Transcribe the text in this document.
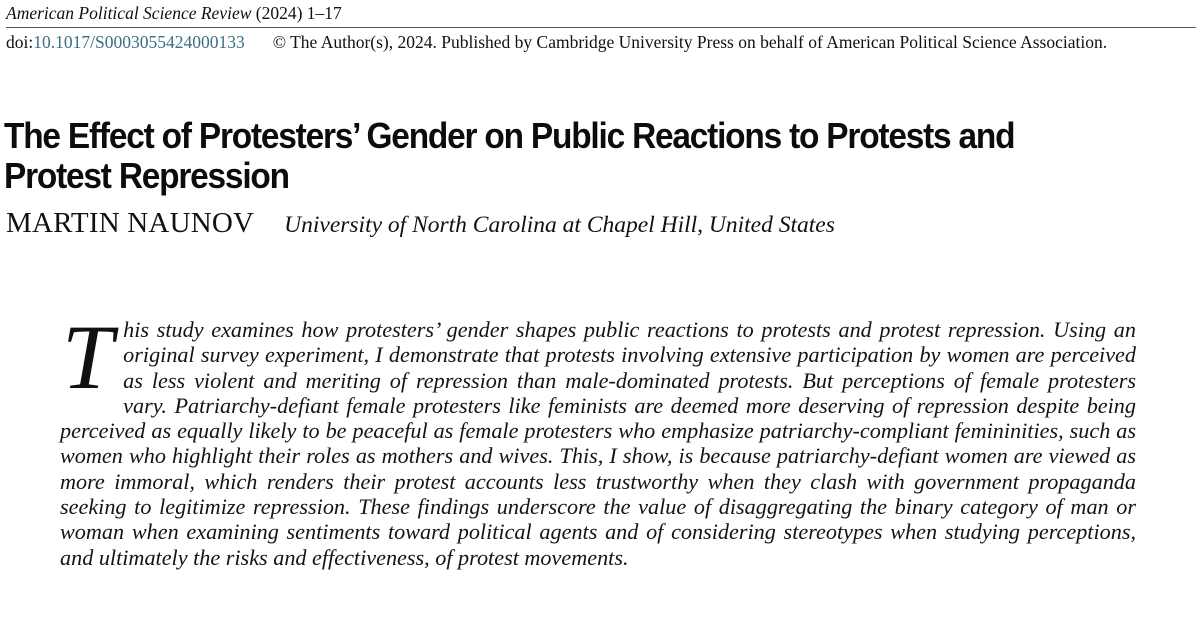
American Political Science Review (2024) 1–17
doi:10.1017/S0003055424000133 © The Author(s), 2024. Published by Cambridge University Press on behalf of American Political Science Association.
The Effect of Protesters’ Gender on Public Reactions to Protests and Protest Repression
MARTIN NAUNOV University of North Carolina at Chapel Hill, United States

This study examines how protesters’ gender shapes public reactions to protests and protest repression. Using an original survey experiment, I demonstrate that protests involving extensive participation by women are perceived as less violent and meriting of repression than male-dominated protests. But perceptions of female protesters vary. Patriarchy-defiant female protesters like feminists are deemed more deserving of repression despite being perceived as equally likely to be peaceful as female protesters who emphasize patriarchy-compliant femininities, such as women who highlight their roles as mothers and wives. This, I show, is because patriarchy-defiant women are viewed as more immoral, which renders their protest accounts less trustworthy when they clash with government propaganda seeking to legitimize repression. These findings underscore the value of disaggregating the binary category of man or woman when examining sentiments toward political agents and of considering stereotypes when studying perceptions, and ultimately the risks and effectiveness, of protest movements.
